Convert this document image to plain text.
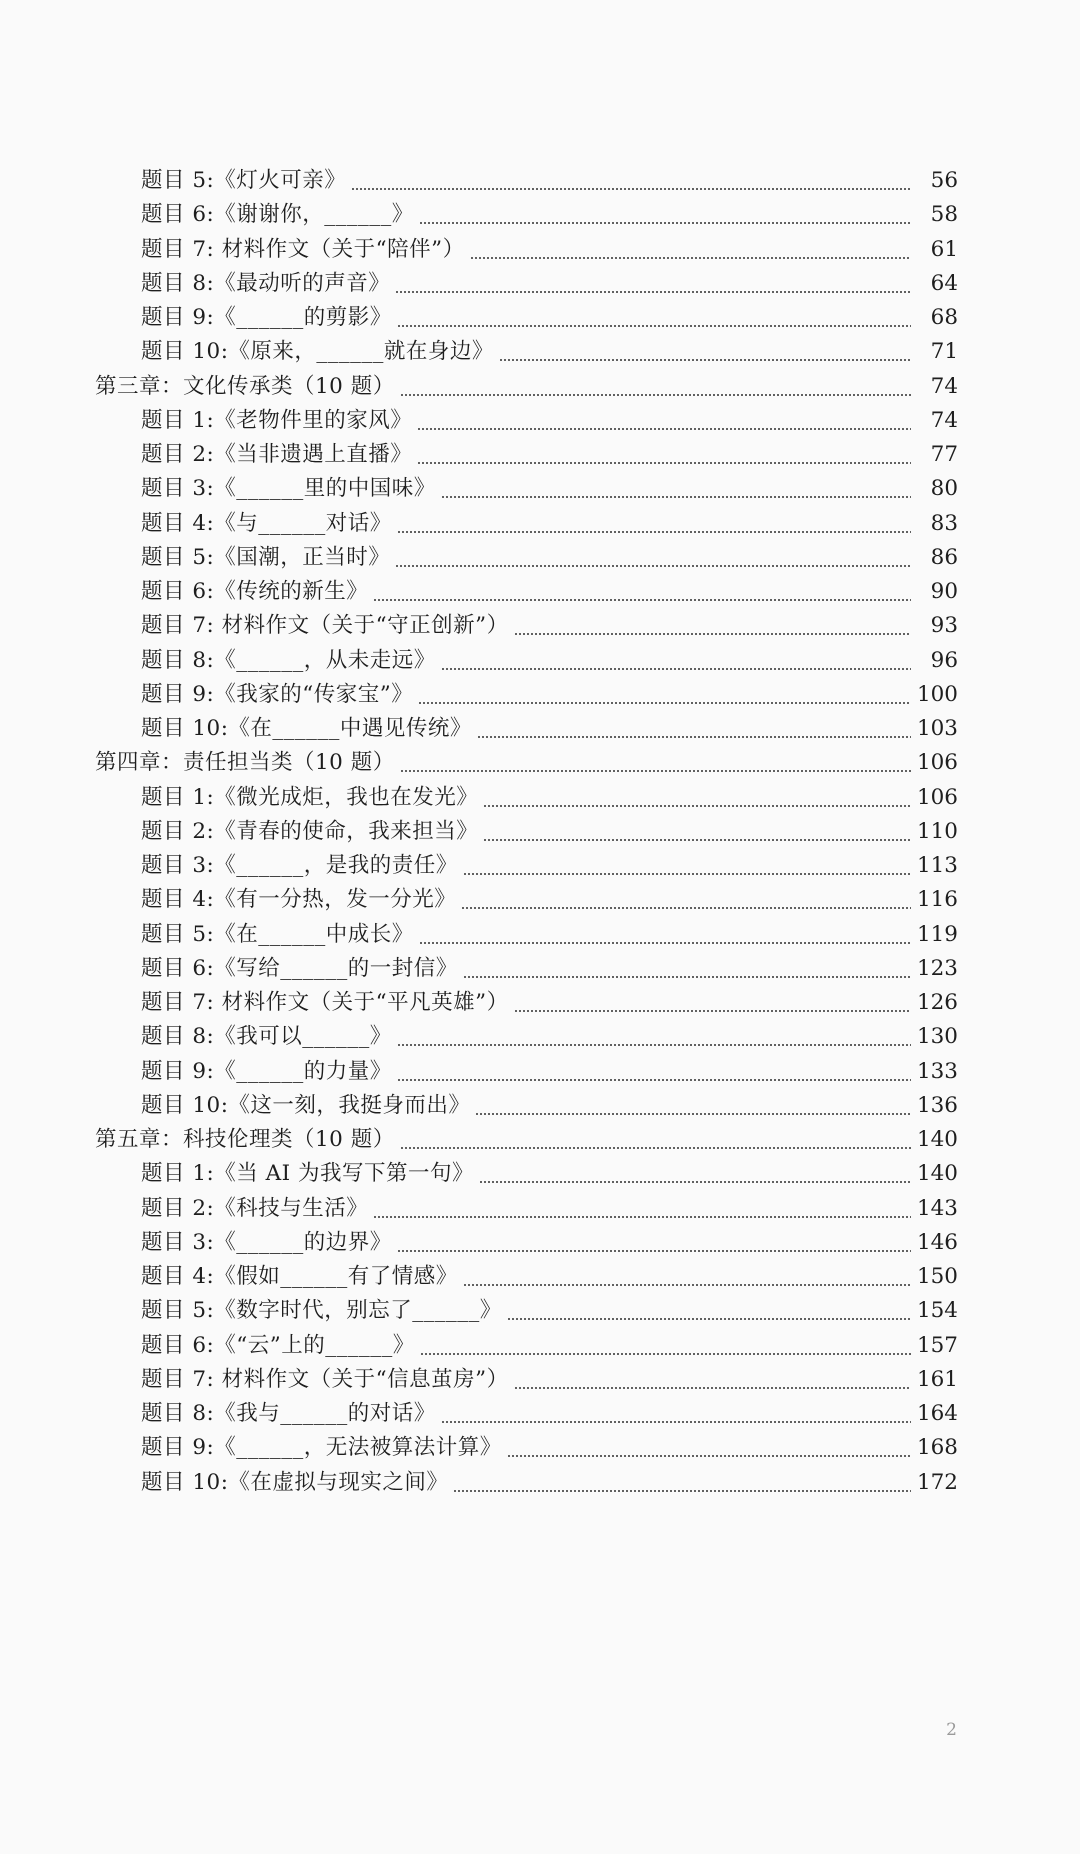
题目 5:《灯火可亲》	56
题目 6:《谢谢你，______》	58
题目 7: 材料作文（关于“陪伴”）	61
题目 8:《最动听的声音》	64
题目 9:《______的剪影》	68
题目 10:《原来，______就在身边》	71
第三章：文化传承类（10 题）	74
题目 1:《老物件里的家风》	74
题目 2:《当非遗遇上直播》	77
题目 3:《______里的中国味》	80
题目 4:《与______对话》	83
题目 5:《国潮，正当时》	86
题目 6:《传统的新生》	90
题目 7: 材料作文（关于“守正创新”）	93
题目 8:《______，从未走远》	96
题目 9:《我家的“传家宝”》	100
题目 10:《在______中遇见传统》	103
第四章：责任担当类（10 题）	106
题目 1:《微光成炬，我也在发光》	106
题目 2:《青春的使命，我来担当》	110
题目 3:《______，是我的责任》	113
题目 4:《有一分热，发一分光》	116
题目 5:《在______中成长》	119
题目 6:《写给______的一封信》	123
题目 7: 材料作文（关于“平凡英雄”）	126
题目 8:《我可以______》	130
题目 9:《______的力量》	133
题目 10:《这一刻，我挺身而出》	136
第五章：科技伦理类（10 题）	140
题目 1:《当 AI 为我写下第一句》	140
题目 2:《科技与生活》	143
题目 3:《______的边界》	146
题目 4:《假如______有了情感》	150
题目 5:《数字时代，别忘了______》	154
题目 6:《“云”上的______》	157
题目 7: 材料作文（关于“信息茧房”）	161
题目 8:《我与______的对话》	164
题目 9:《______，无法被算法计算》	168
题目 10:《在虚拟与现实之间》	172
2
